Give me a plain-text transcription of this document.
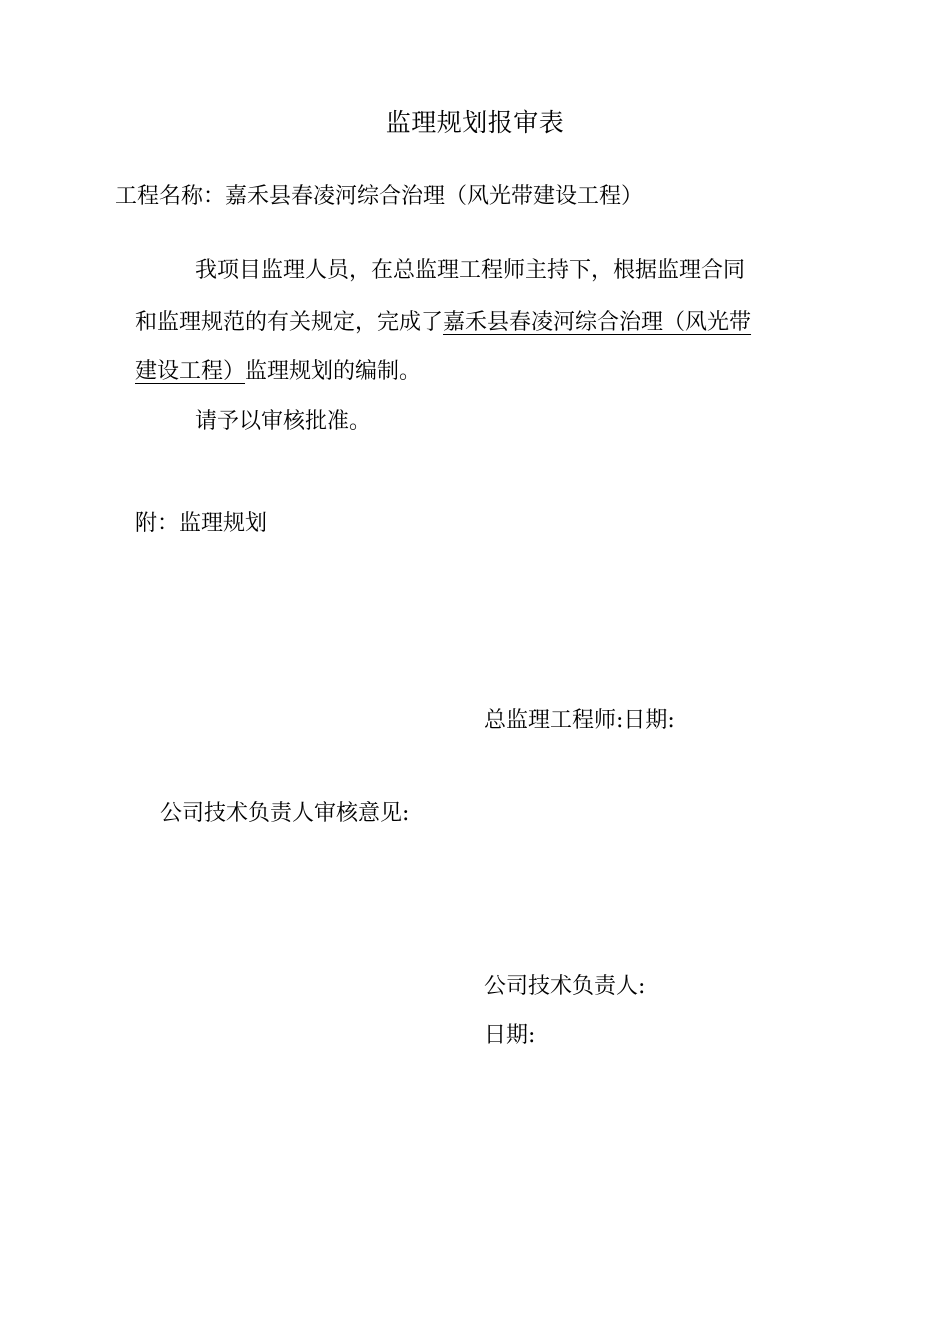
监理规划报审表
工程名称：嘉禾县春凌河综合治理（风光带建设工程）
我项目监理人员，在总监理工程师主持下，根据监理合同
和监理规范的有关规定，完成了嘉禾县春凌河综合治理（风光带
建设工程）监理规划的编制。
请予以审核批准。
附：监理规划
总监理工程师:日期:
公司技术负责人审核意见:
公司技术负责人:
日期:
